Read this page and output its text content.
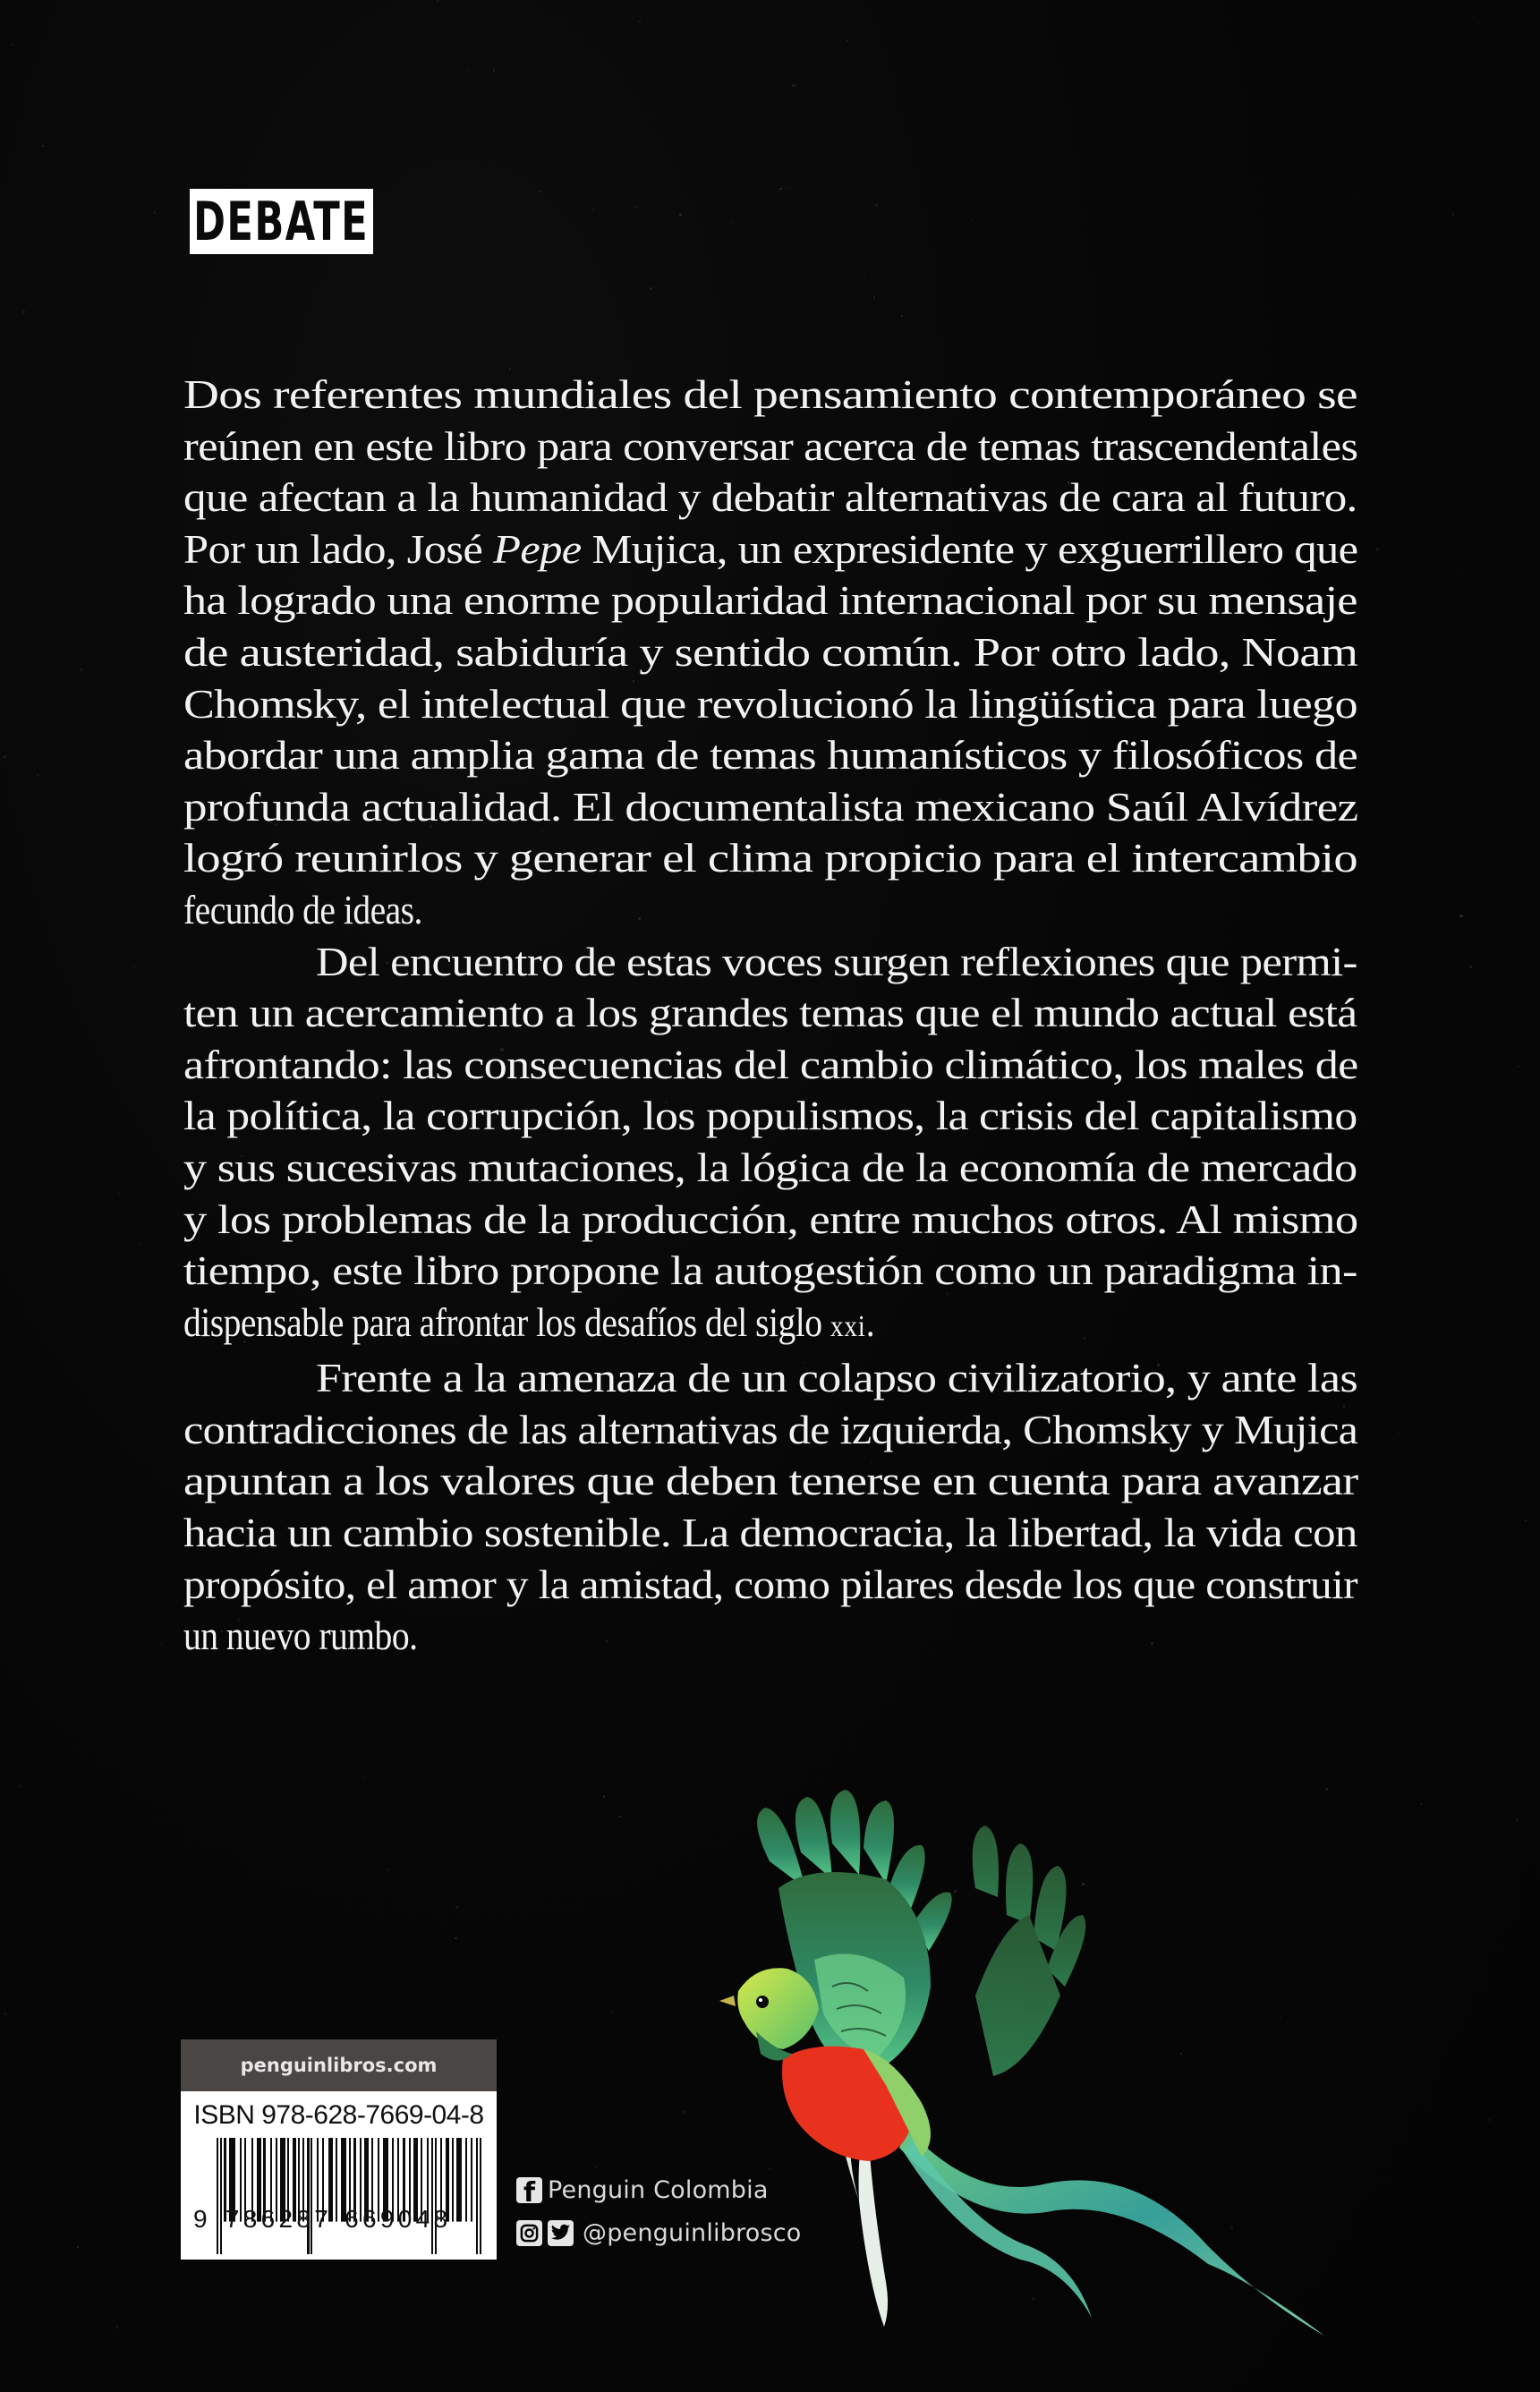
DEBATE

Dos referentes mundiales del pensamiento contemporáneo se
reúnen en este libro para conversar acerca de temas trascendentales
que afectan a la humanidad y debatir alternativas de cara al futuro.
Por un lado, José Pepe Mujica, un expresidente y exguerrillero que
ha logrado una enorme popularidad internacional por su mensaje
de austeridad, sabiduría y sentido común. Por otro lado, Noam
Chomsky, el intelectual que revolucionó la lingüística para luego
abordar una amplia gama de temas humanísticos y filosóficos de
profunda actualidad. El documentalista mexicano Saúl Alvídrez
logró reunirlos y generar el clima propicio para el intercambio
fecundo de ideas.

Del encuentro de estas voces surgen reflexiones que permi-
ten un acercamiento a los grandes temas que el mundo actual está
afrontando: las consecuencias del cambio climático, los males de
la política, la corrupción, los populismos, la crisis del capitalismo
y sus sucesivas mutaciones, la lógica de la economía de mercado
y los problemas de la producción, entre muchos otros. Al mismo
tiempo, este libro propone la autogestión como un paradigma in-
dispensable para afrontar los desafíos del siglo xxi.

Frente a la amenaza de un colapso civilizatorio, y ante las
contradicciones de las alternativas de izquierda, Chomsky y Mujica
apuntan a los valores que deben tenerse en cuenta para avanzar
hacia un cambio sostenible. La democracia, la libertad, la vida con
propósito, el amor y la amistad, como pilares desde los que construir
un nuevo rumbo.

penguinlibros.com
ISBN 978-628-7669-04-8
9 786287 669048
f Penguin Colombia
@penguinlibrosco
